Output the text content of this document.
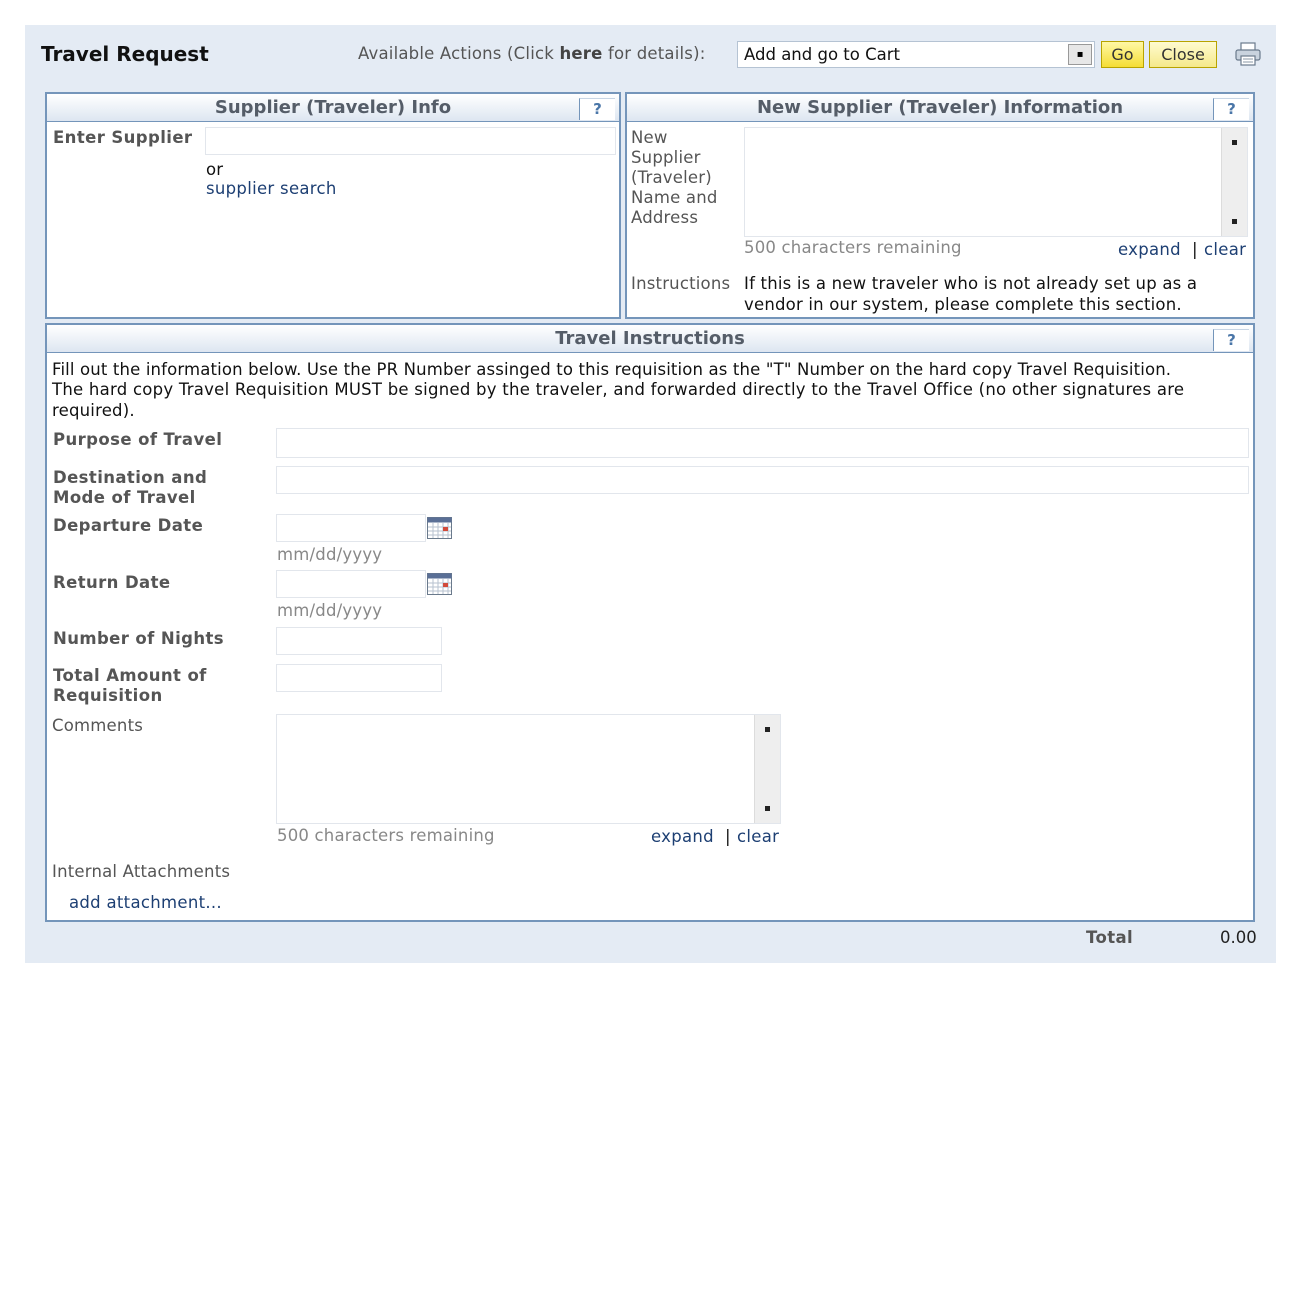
Travel Request	Available Actions (Click here for details): Add and go to Cart	▪	Go	Close
Supplier (Traveler) Info	?
Enter Supplier
or
supplier search
New Supplier (Traveler) Information	?
New
Supplier
(Traveler)
Name and
Address
500 characters remaining	expand | clear
Instructions If this is a new traveler who is not already set up as a
vendor in our system, please complete this section.
Travel Instructions	?
Fill out the information below. Use the PR Number assinged to this requisition as the "T" Number on the hard copy Travel Requisition.
The hard copy Travel Requisition MUST be signed by the traveler, and forwarded directly to the Travel Office (no other signatures are
required).
Purpose of Travel
Destination and
Mode of Travel
Departure Date
mm/dd/yyyy
Return Date
mm/dd/yyyy
Number of Nights
Total Amount of
Requisition
Comments
500 characters remaining	expand | clear
Internal Attachments
add attachment...
Total	0.00
